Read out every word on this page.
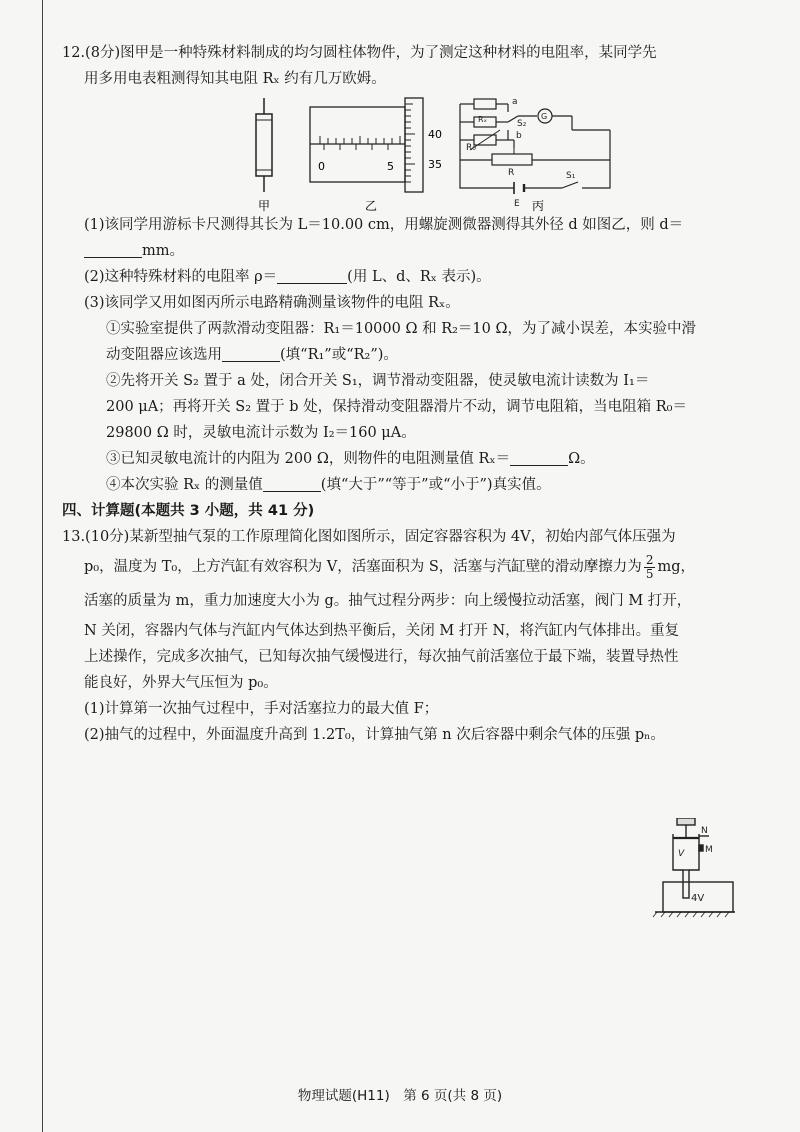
12.(8分)图甲是一种特殊材料制成的均匀圆柱体物件，为了测定这种材料的电阻率，某同学先

用多用电表粗测得知其电阻 Rₓ 约有几万欧姆。

甲
0	5
40
35
乙
a
Rₓ	S₂
G
R₀
b
R
E
S₁
丙

(1)该同学用游标卡尺测得其长为 L＝10.00 cm，用螺旋测微器测得其外径 d 如图乙，则 d＝

mm。

(2)这种特殊材料的电阻率 ρ＝	(用 L、d、Rₓ 表示)。

(3)该同学又用如图丙所示电路精确测量该物件的电阻 Rₓ。

①实验室提供了两款滑动变阻器：R₁＝10000 Ω 和 R₂＝10 Ω，为了减小误差，本实验中滑

动变阻器应该选用	(填“R₁”或“R₂”)。

②先将开关 S₂ 置于 a 处，闭合开关 S₁，调节滑动变阻器，使灵敏电流计读数为 I₁＝

200 μA；再将开关 S₂ 置于 b 处，保持滑动变阻器滑片不动，调节电阻箱，当电阻箱 R₀＝

29800 Ω 时，灵敏电流计示数为 I₂＝160 μA。

③已知灵敏电流计的内阻为 200 Ω，则物件的电阻测量值 Rₓ＝	Ω。

④本次实验 Rₓ 的测量值	(填“大于”“等于”或“小于”)真实值。

四、计算题(本题共 3 小题，共 41 分)

13.(10分)某新型抽气泵的工作原理简化图如图所示，固定容器容积为 4V，初始内部气体压强为

p₀，温度为 T₀，上方汽缸有效容积为 V，活塞面积为 S，活塞与汽缸壁的滑动摩擦力为 $\frac{2}{5}$ mg，

活塞的质量为 m，重力加速度大小为 g。抽气过程分两步：向上缓慢拉动活塞，阀门 M 打开，

N 关闭，容器内气体与汽缸内气体达到热平衡后，关闭 M 打开 N，将汽缸内气体排出。重复

上述操作，完成多次抽气，已知每次抽气缓慢进行，每次抽气前活塞位于最下端，装置导热性

能良好，外界大气压恒为 p₀。

(1)计算第一次抽气过程中，手对活塞拉力的最大值 F；

(2)抽气的过程中，外面温度升高到 1.2T₀，计算抽气第 n 次后容器中剩余气体的压强 pₙ。

N
V M
4V
物理试题(H11)　第 6 页(共 8 页)
